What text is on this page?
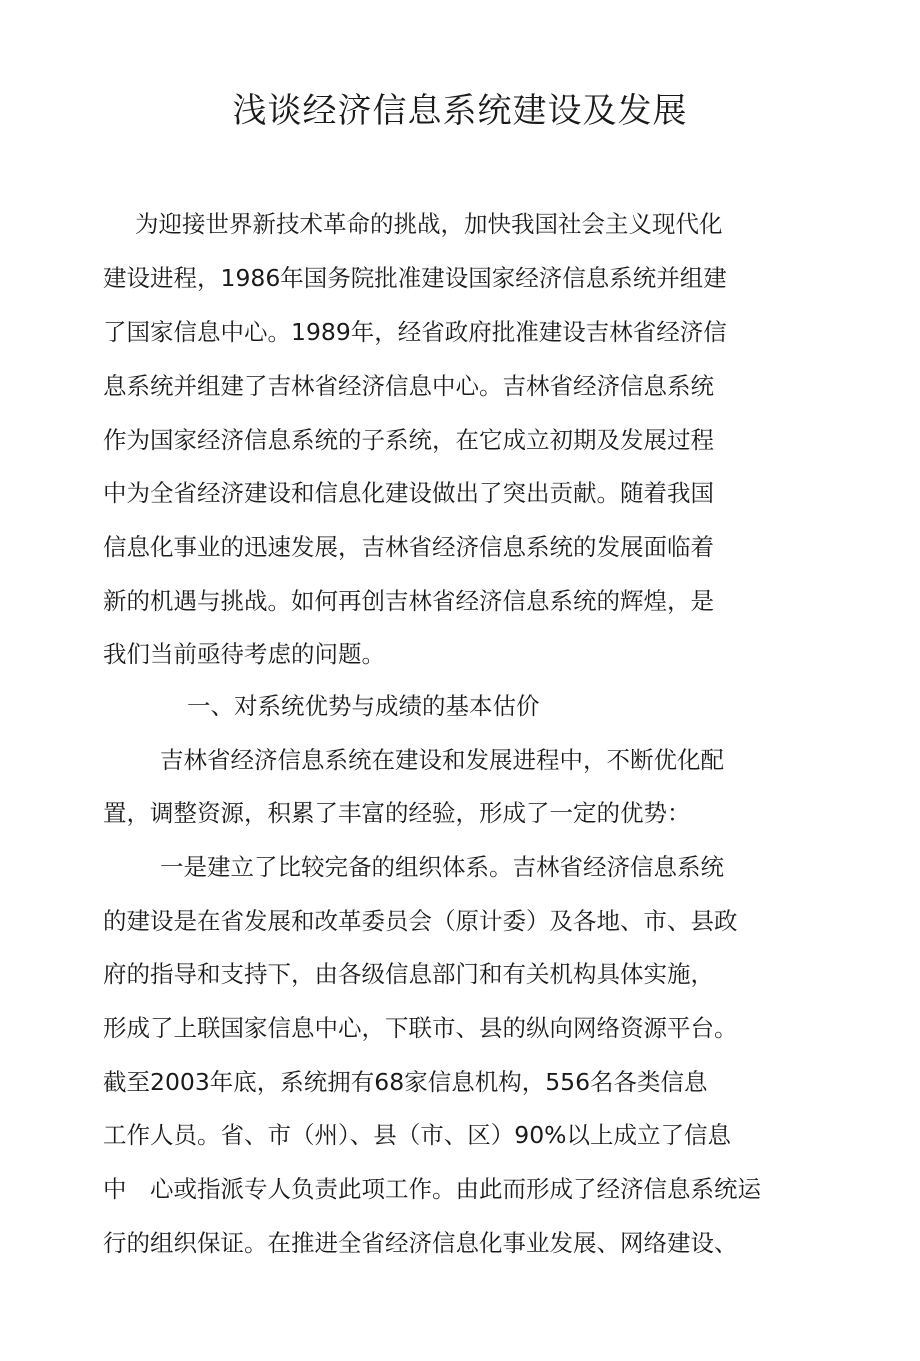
浅谈经济信息系统建设及发展

为迎接世界新技术革命的挑战，加快我国社会主义现代化

建设进程，1986年国务院批准建设国家经济信息系统并组建

了国家信息中心。1989年，经省政府批准建设吉林省经济信

息系统并组建了吉林省经济信息中心。吉林省经济信息系统

作为国家经济信息系统的子系统，在它成立初期及发展过程

中为全省经济建设和信息化建设做出了突出贡献。随着我国

信息化事业的迅速发展，吉林省经济信息系统的发展面临着

新的机遇与挑战。如何再创吉林省经济信息系统的辉煌，是

我们当前亟待考虑的问题。

一、对系统优势与成绩的基本估价

吉林省经济信息系统在建设和发展进程中，不断优化配

置，调整资源，积累了丰富的经验，形成了一定的优势：

一是建立了比较完备的组织体系。吉林省经济信息系统

的建设是在省发展和改革委员会（原计委）及各地、市、县政

府的指导和支持下，由各级信息部门和有关机构具体实施，

形成了上联国家信息中心，下联市、县的纵向网络资源平台。

截至2003年底，系统拥有68家信息机构，556名各类信息

工作人员。省、市（州）、县（市、区）90%以上成立了信息

中　心或指派专人负责此项工作。由此而形成了经济信息系统运

行的组织保证。在推进全省经济信息化事业发展、网络建设、
